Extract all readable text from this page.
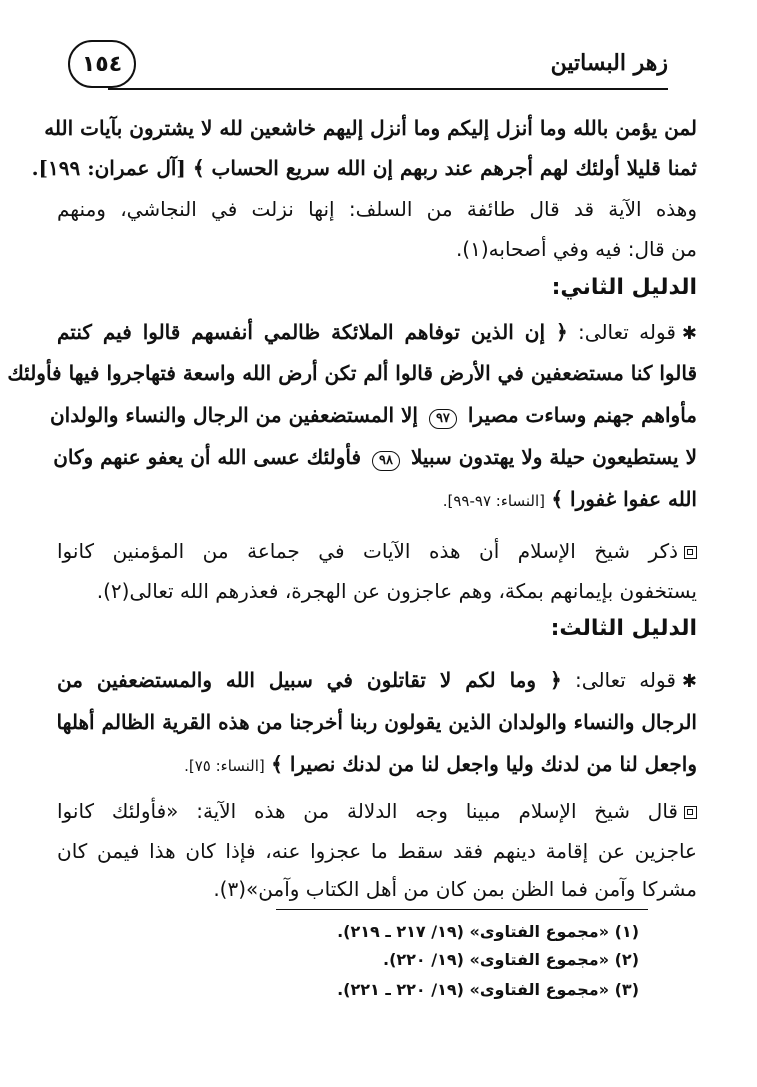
زهر البساتين
١٥٤
لمن يؤمن بالله وما أنزل إليكم وما أنزل إليهم خاشعين لله لا يشترون بآيات الله
ثمنا قليلا أولئك لهم أجرهم عند ربهم إن الله سريع الحساب ﴾ [آل عمران: ١٩٩].
وهذه الآية قد قال طائفة من السلف: إنها نزلت في النجاشي، ومنهم
من قال: فيه وفي أصحابه(١).
الدليل الثاني:
✱قوله تعالى: ﴿ إن الذين توفاهم الملائكة ظالمي أنفسهم قالوا فيم كنتم
قالوا كنا مستضعفين في الأرض قالوا ألم تكن أرض الله واسعة فتهاجروا فيها فأولئك
مأواهم جهنم وساءت مصيرا ٩٧ إلا المستضعفين من الرجال والنساء والولدان
لا يستطيعون حيلة ولا يهتدون سبيلا ٩٨ فأولئك عسى الله أن يعفو عنهم وكان
الله عفوا غفورا ﴾ [النساء: ٩٧-٩٩].
ذكر شيخ الإسلام أن هذه الآيات في جماعة من المؤمنين كانوا
يستخفون بإيمانهم بمكة، وهم عاجزون عن الهجرة، فعذرهم الله تعالى(٢).
الدليل الثالث:
✱قوله تعالى: ﴿ وما لكم لا تقاتلون في سبيل الله والمستضعفين من
الرجال والنساء والولدان الذين يقولون ربنا أخرجنا من هذه القرية الظالم أهلها
واجعل لنا من لدنك وليا واجعل لنا من لدنك نصيرا ﴾ [النساء: ٧٥].
قال شيخ الإسلام مبينا وجه الدلالة من هذه الآية: «فأولئك كانوا
عاجزين عن إقامة دينهم فقد سقط ما عجزوا عنه، فإذا كان هذا فيمن كان
مشركا وآمن فما الظن بمن كان من أهل الكتاب وآمن»(٣).
(١) «مجموع الفتاوى» (١٩/ ٢١٧ ـ ٢١٩).
(٢) «مجموع الفتاوى» (١٩/ ٢٢٠).
(٣) «مجموع الفتاوى» (١٩/ ٢٢٠ ـ ٢٢١).
